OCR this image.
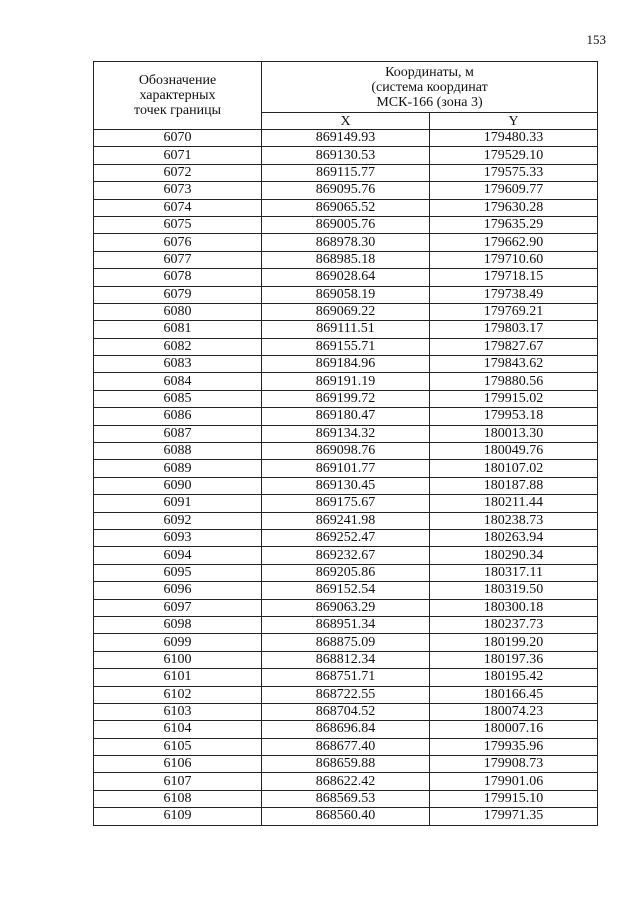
153
Обозначение
характерных
точек границы	Координаты, м
(система координат
МСК-166 (зона 3)	

	X	Y
6070	869149.93	179480.33
6071	869130.53	179529.10
6072	869115.77	179575.33
6073	869095.76	179609.77
6074	869065.52	179630.28
6075	869005.76	179635.29
6076	868978.30	179662.90
6077	868985.18	179710.60
6078	869028.64	179718.15
6079	869058.19	179738.49
6080	869069.22	179769.21
6081	869111.51	179803.17
6082	869155.71	179827.67
6083	869184.96	179843.62
6084	869191.19	179880.56
6085	869199.72	179915.02
6086	869180.47	179953.18
6087	869134.32	180013.30
6088	869098.76	180049.76
6089	869101.77	180107.02
6090	869130.45	180187.88
6091	869175.67	180211.44
6092	869241.98	180238.73
6093	869252.47	180263.94
6094	869232.67	180290.34
6095	869205.86	180317.11
6096	869152.54	180319.50
6097	869063.29	180300.18
6098	868951.34	180237.73
6099	868875.09	180199.20
6100	868812.34	180197.36
6101	868751.71	180195.42
6102	868722.55	180166.45
6103	868704.52	180074.23
6104	868696.84	180007.16
6105	868677.40	179935.96
6106	868659.88	179908.73
6107	868622.42	179901.06
6108	868569.53	179915.10
6109	868560.40	179971.35
